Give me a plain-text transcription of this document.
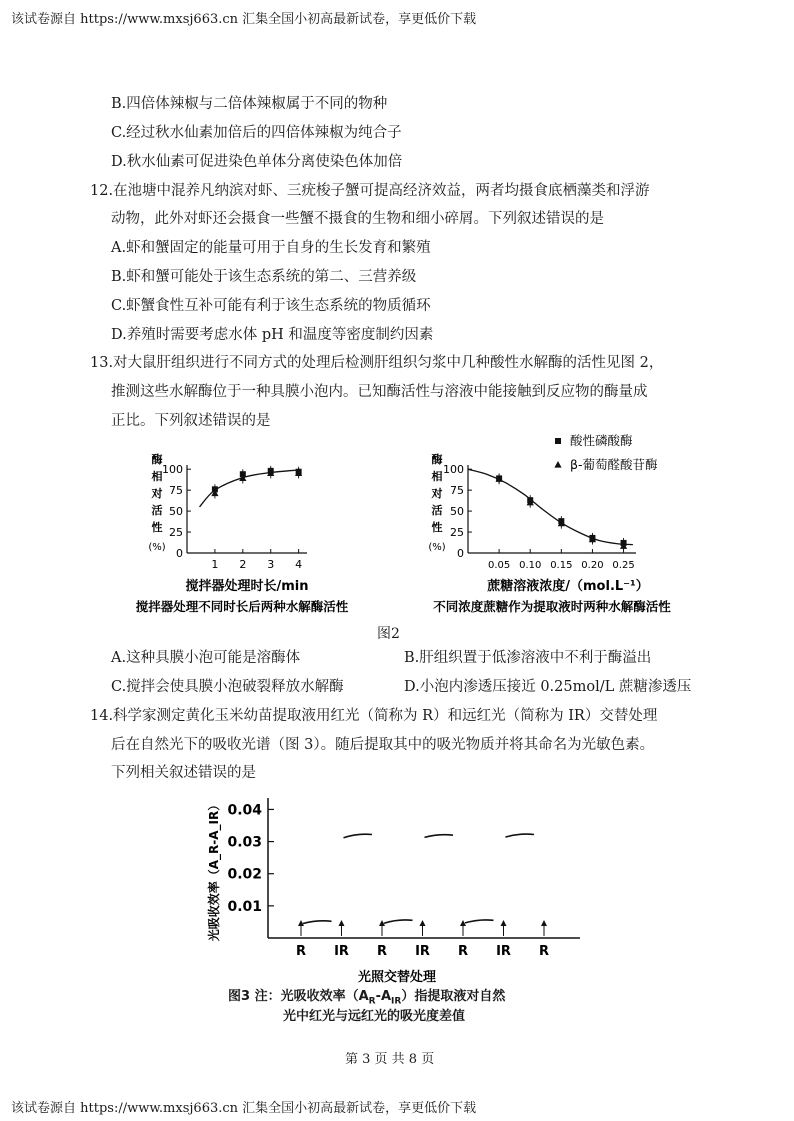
该试卷源自 https://www.mxsj663.cn 汇集全国小初高最新试卷，享更低价下载
B.四倍体辣椒与二倍体辣椒属于不同的物种
C.经过秋水仙素加倍后的四倍体辣椒为纯合子
D.秋水仙素可促进染色单体分离使染色体加倍
12.在池塘中混养凡纳滨对虾、三疣梭子蟹可提高经济效益，两者均摄食底栖藻类和浮游
动物，此外对虾还会摄食一些蟹不摄食的生物和细小碎屑。下列叙述错误的是
A.虾和蟹固定的能量可用于自身的生长发育和繁殖
B.虾和蟹可能处于该生态系统的第二、三营养级
C.虾蟹食性互补可能有利于该生态系统的物质循环
D.养殖时需要考虑水体 pH 和温度等密度制约因素
13.对大鼠肝组织进行不同方式的处理后检测肝组织匀浆中几种酸性水解酶的活性见图 2，
推测这些水解酶位于一种具膜小泡内。已知酶活性与溶液中能接触到反应物的酶量成
正比。下列叙述错误的是
酶
相
对
活
性
(%) 0
25
50
75
100
1 2 3 4
搅拌器处理时长/min
搅拌器处理不同时长后两种水解酶活性
酶
相
对
活
性
(%) 0
25
50
75
100
0.05 0.10 0.15 0.20 0.25
蔗糖溶液浓度/（mol.L⁻¹）
不同浓度蔗糖作为提取液时两种水解酶活性
酸性磷酸酶
β-葡萄醛酸苷酶
图2
A.这种具膜小泡可能是溶酶体	B.肝组织置于低渗溶液中不利于酶溢出
C.搅拌会使具膜小泡破裂释放水解酶	D.小泡内渗透压接近 0.25mol/L 蔗糖渗透压
14.科学家测定黄化玉米幼苗提取液用红光（简称为 R）和远红光（简称为 IR）交替处理
后在自然光下的吸收光谱（图 3）。随后提取其中的吸光物质并将其命名为光敏色素。
下列相关叙述错误的是
光吸收效率（A_R-A_IR） 0.01
0.02
0.03
0.04
R IR R IR R IR R
光照交替处理
图3 注：光吸收效率$(A_R-A_{IR})$指提取液对自然
光中红光与远红光的吸光度差值
第 3 页 共 8 页
该试卷源自 https://www.mxsj663.cn 汇集全国小初高最新试卷，享更低价下载
